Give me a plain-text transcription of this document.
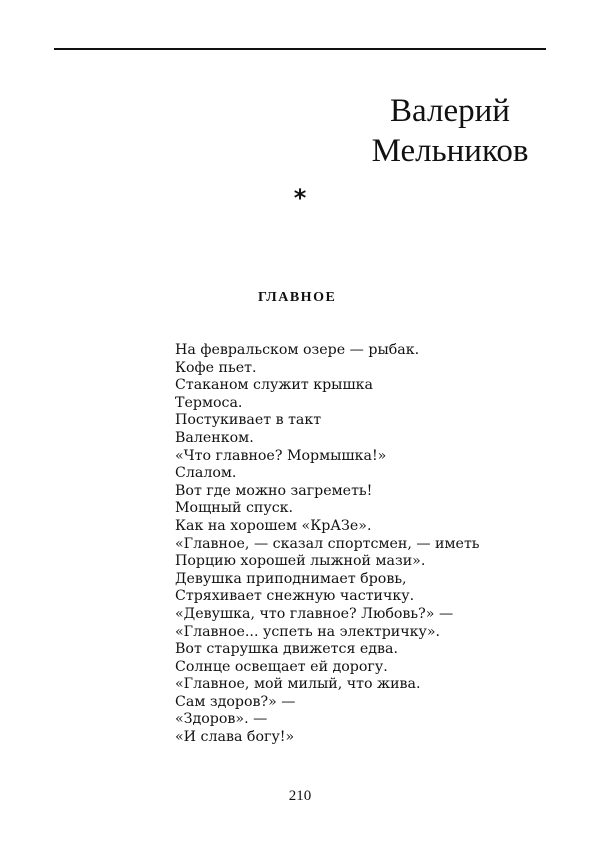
Валерий
Мельников
*
ГЛАВНОЕ
На февральском озере — рыбак.
Кофе пьет.
Стаканом служит крышка
Термоса.
Постукивает в такт
Валенком.
«Что главное? Мормышка!»
Слалом.
Вот где можно загреметь!
Мощный спуск.
Как на хорошем «КрАЗе».
«Главное, — сказал спортсмен, — иметь
Порцию хорошей лыжной мази».
Девушка приподнимает бровь,
Стряхивает снежную частичку.
«Девушка, что главное? Любовь?» —
«Главное... успеть на электричку».
Вот старушка движется едва.
Солнце освещает ей дорогу.
«Главное, мой милый, что жива.
Сам здоров?» —
«Здоров». —
«И слава богу!»
210
